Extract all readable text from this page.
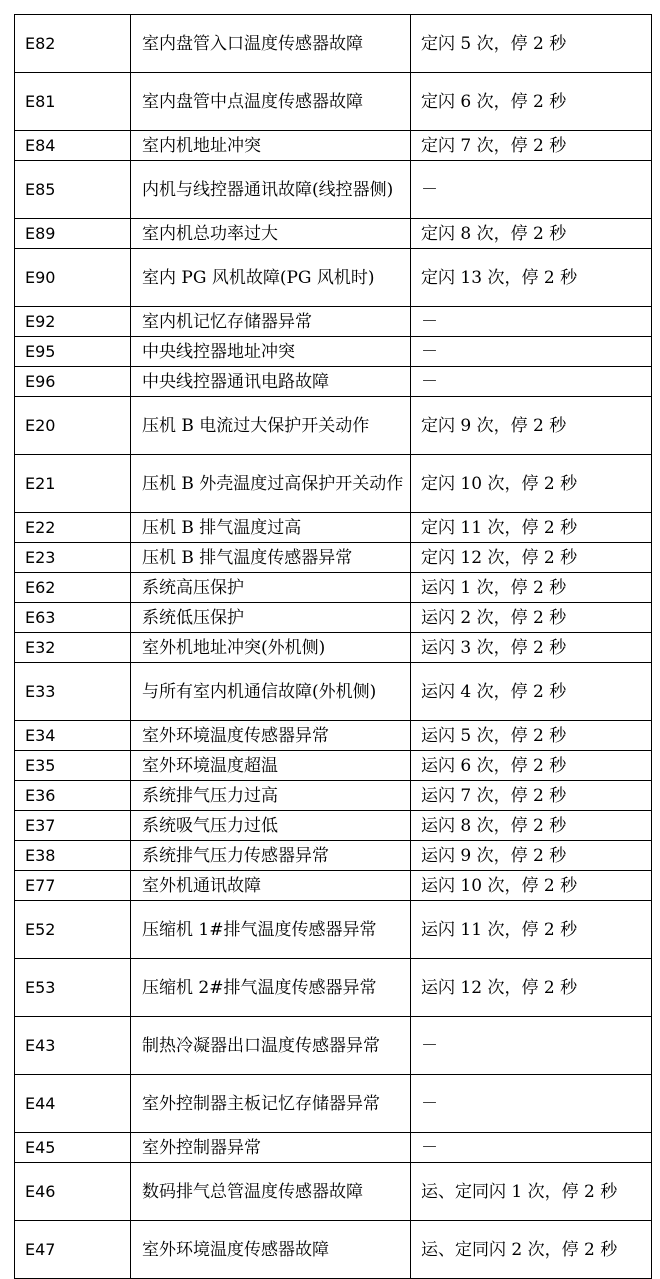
E82	室内盘管入口温度传感器故障	定闪 5 次，停 2 秒
E81	室内盘管中点温度传感器故障	定闪 6 次，停 2 秒
E84	室内机地址冲突	定闪 7 次，停 2 秒
E85	内机与线控器通讯故障(线控器侧)	－
E89	室内机总功率过大	定闪 8 次，停 2 秒
E90	室内 PG 风机故障(PG 风机时)	定闪 13 次，停 2 秒
E92	室内机记忆存储器异常	－
E95	中央线控器地址冲突	－
E96	中央线控器通讯电路故障	－
E20	压机 B 电流过大保护开关动作	定闪 9 次，停 2 秒
E21	压机 B 外壳温度过高保护开关动作	定闪 10 次，停 2 秒
E22	压机 B 排气温度过高	定闪 11 次，停 2 秒
E23	压机 B 排气温度传感器异常	定闪 12 次，停 2 秒
E62	系统高压保护	运闪 1 次，停 2 秒
E63	系统低压保护	运闪 2 次，停 2 秒
E32	室外机地址冲突(外机侧)	运闪 3 次，停 2 秒
E33	与所有室内机通信故障(外机侧)	运闪 4 次，停 2 秒
E34	室外环境温度传感器异常	运闪 5 次，停 2 秒
E35	室外环境温度超温	运闪 6 次，停 2 秒
E36	系统排气压力过高	运闪 7 次，停 2 秒
E37	系统吸气压力过低	运闪 8 次，停 2 秒
E38	系统排气压力传感器异常	运闪 9 次，停 2 秒
E77	室外机通讯故障	运闪 10 次，停 2 秒
E52	压缩机 1#排气温度传感器异常	运闪 11 次，停 2 秒
E53	压缩机 2#排气温度传感器异常	运闪 12 次，停 2 秒
E43	制热冷凝器出口温度传感器异常	－
E44	室外控制器主板记忆存储器异常	－
E45	室外控制器异常	－
E46	数码排气总管温度传感器故障	运、定同闪 1 次，停 2 秒
E47	室外环境温度传感器故障	运、定同闪 2 次，停 2 秒
